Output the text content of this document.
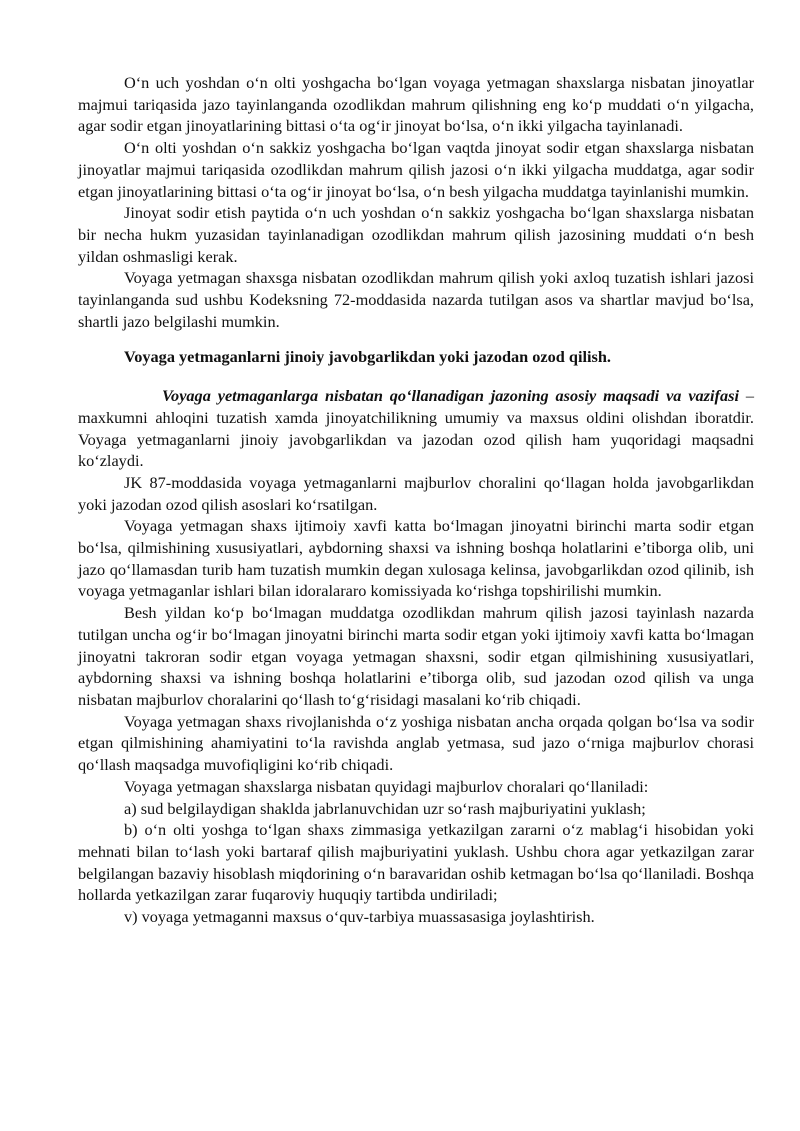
O‘n uch yoshdan o‘n olti yoshgacha bo‘lgan voyaga yetmagan shaxslarga nisbatan jinoyatlar majmui tariqasida jazo tayinlanganda ozodlikdan mahrum qilishning eng ko‘p muddati o‘n yilgacha, agar sodir etgan jinoyatlarining bittasi o‘ta og‘ir jinoyat bo‘lsa, o‘n ikki yilgacha tayinlanadi.

O‘n olti yoshdan o‘n sakkiz yoshgacha bo‘lgan vaqtda jinoyat sodir etgan shaxslarga nisbatan jinoyatlar majmui tariqasida ozodlikdan mahrum qilish jazosi o‘n ikki yilgacha muddatga, agar sodir etgan jinoyatlarining bittasi o‘ta og‘ir jinoyat bo‘lsa, o‘n besh yilgacha muddatga tayinlanishi mumkin.

Jinoyat sodir etish paytida o‘n uch yoshdan o‘n sakkiz yoshgacha bo‘lgan shaxslarga nisbatan bir necha hukm yuzasidan tayinlanadigan ozodlikdan mahrum qilish jazosining muddati o‘n besh yildan oshmasligi kerak.

Voyaga yetmagan shaxsga nisbatan ozodlikdan mahrum qilish yoki axloq tuzatish ishlari jazosi tayinlanganda sud ushbu Kodeksning 72-moddasida nazarda tutilgan asos va shartlar mavjud bo‘lsa, shartli jazo belgilashi mumkin.

Voyaga yetmaganlarni jinoiy javobgarlikdan yoki jazodan ozod qilish.

Voyaga yetmaganlarga nisbatan qo‘llanadigan jazoning asosiy maqsadi va vazifasi – maxkumni ahloqini tuzatish xamda jinoyatchilikning umumiy va maxsus oldini olishdan iboratdir. Voyaga yetmaganlarni jinoiy javobgarlikdan va jazodan ozod qilish ham yuqoridagi maqsadni ko‘zlaydi.

JK 87-moddasida voyaga yetmaganlarni majburlov choralini qo‘llagan holda javobgarlikdan yoki jazodan ozod qilish asoslari ko‘rsatilgan.

Voyaga yetmagan shaxs ijtimoiy xavfi katta bo‘lmagan jinoyatni birinchi marta sodir etgan bo‘lsa, qilmishining xususiyatlari, aybdorning shaxsi va ishning boshqa holatlarini e’tiborga olib, uni jazo qo‘llamasdan turib ham tuzatish mumkin degan xulosaga kelinsa, javobgarlikdan ozod qilinib, ish voyaga yetmaganlar ishlari bilan idoralararo komissiyada ko‘rishga topshirilishi mumkin.

Besh yildan ko‘p bo‘lmagan muddatga ozodlikdan mahrum qilish jazosi tayinlash nazarda tutilgan uncha og‘ir bo‘lmagan jinoyatni birinchi marta sodir etgan yoki ijtimoiy xavfi katta bo‘lmagan jinoyatni takroran sodir etgan voyaga yetmagan shaxsni, sodir etgan qilmishining xususiyatlari, aybdorning shaxsi va ishning boshqa holatlarini e’tiborga olib, sud jazodan ozod qilish va unga nisbatan majburlov choralarini qo‘llash to‘g‘risidagi masalani ko‘rib chiqadi.

Voyaga yetmagan shaxs rivojlanishda o‘z yoshiga nisbatan ancha orqada qolgan bo‘lsa va sodir etgan qilmishining ahamiyatini to‘la ravishda anglab yetmasa, sud jazo o‘rniga majburlov chorasi qo‘llash maqsadga muvofiqligini ko‘rib chiqadi.

Voyaga yetmagan shaxslarga nisbatan quyidagi majburlov choralari qo‘llaniladi:

a) sud belgilaydigan shaklda jabrlanuvchidan uzr so‘rash majburiyatini yuklash;

b) o‘n olti yoshga to‘lgan shaxs zimmasiga yetkazilgan zararni o‘z mablag‘i hisobidan yoki mehnati bilan to‘lash yoki bartaraf qilish majburiyatini yuklash. Ushbu chora agar yetkazilgan zarar belgilangan bazaviy hisoblash miqdorining o‘n baravaridan oshib ketmagan bo‘lsa qo‘llaniladi. Boshqa hollarda yetkazilgan zarar fuqaroviy huquqiy tartibda undiriladi;

v) voyaga yetmaganni maxsus o‘quv-tarbiya muassasasiga joylashtirish.
